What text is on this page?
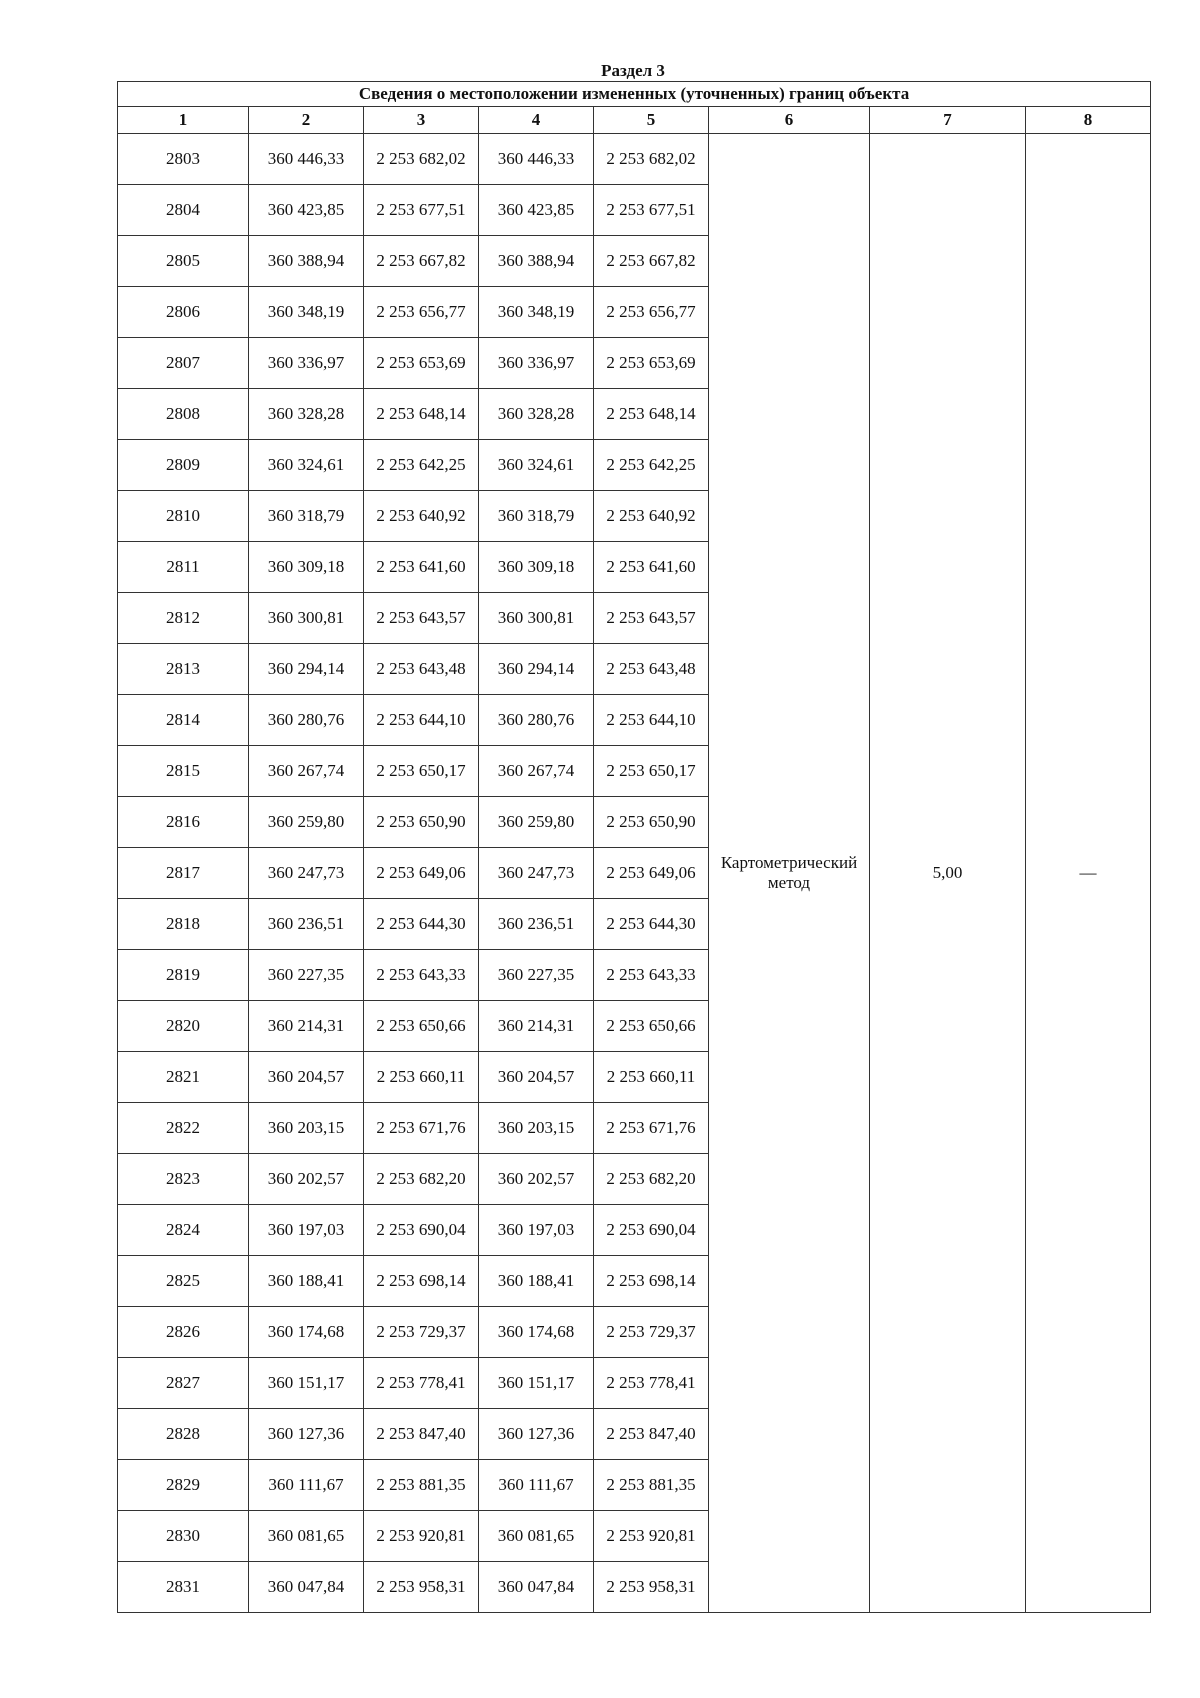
Раздел 3
Сведения о местоположении измененных (уточненных) границ объекта							
1	2	3	4	5	6	7	8
2803	360 446,33	2 253 682,02	360 446,33	2 253 682,02	Картометрический метод	5,00	—
2804	360 423,85	2 253 677,51	360 423,85	2 253 677,51			
2805	360 388,94	2 253 667,82	360 388,94	2 253 667,82			
2806	360 348,19	2 253 656,77	360 348,19	2 253 656,77			
2807	360 336,97	2 253 653,69	360 336,97	2 253 653,69			
2808	360 328,28	2 253 648,14	360 328,28	2 253 648,14			
2809	360 324,61	2 253 642,25	360 324,61	2 253 642,25			
2810	360 318,79	2 253 640,92	360 318,79	2 253 640,92			
2811	360 309,18	2 253 641,60	360 309,18	2 253 641,60			
2812	360 300,81	2 253 643,57	360 300,81	2 253 643,57			
2813	360 294,14	2 253 643,48	360 294,14	2 253 643,48			
2814	360 280,76	2 253 644,10	360 280,76	2 253 644,10			
2815	360 267,74	2 253 650,17	360 267,74	2 253 650,17			
2816	360 259,80	2 253 650,90	360 259,80	2 253 650,90			
2817	360 247,73	2 253 649,06	360 247,73	2 253 649,06			
2818	360 236,51	2 253 644,30	360 236,51	2 253 644,30			
2819	360 227,35	2 253 643,33	360 227,35	2 253 643,33			
2820	360 214,31	2 253 650,66	360 214,31	2 253 650,66			
2821	360 204,57	2 253 660,11	360 204,57	2 253 660,11			
2822	360 203,15	2 253 671,76	360 203,15	2 253 671,76			
2823	360 202,57	2 253 682,20	360 202,57	2 253 682,20			
2824	360 197,03	2 253 690,04	360 197,03	2 253 690,04			
2825	360 188,41	2 253 698,14	360 188,41	2 253 698,14			
2826	360 174,68	2 253 729,37	360 174,68	2 253 729,37			
2827	360 151,17	2 253 778,41	360 151,17	2 253 778,41			
2828	360 127,36	2 253 847,40	360 127,36	2 253 847,40			
2829	360 111,67	2 253 881,35	360 111,67	2 253 881,35			
2830	360 081,65	2 253 920,81	360 081,65	2 253 920,81			
2831	360 047,84	2 253 958,31	360 047,84	2 253 958,31			
